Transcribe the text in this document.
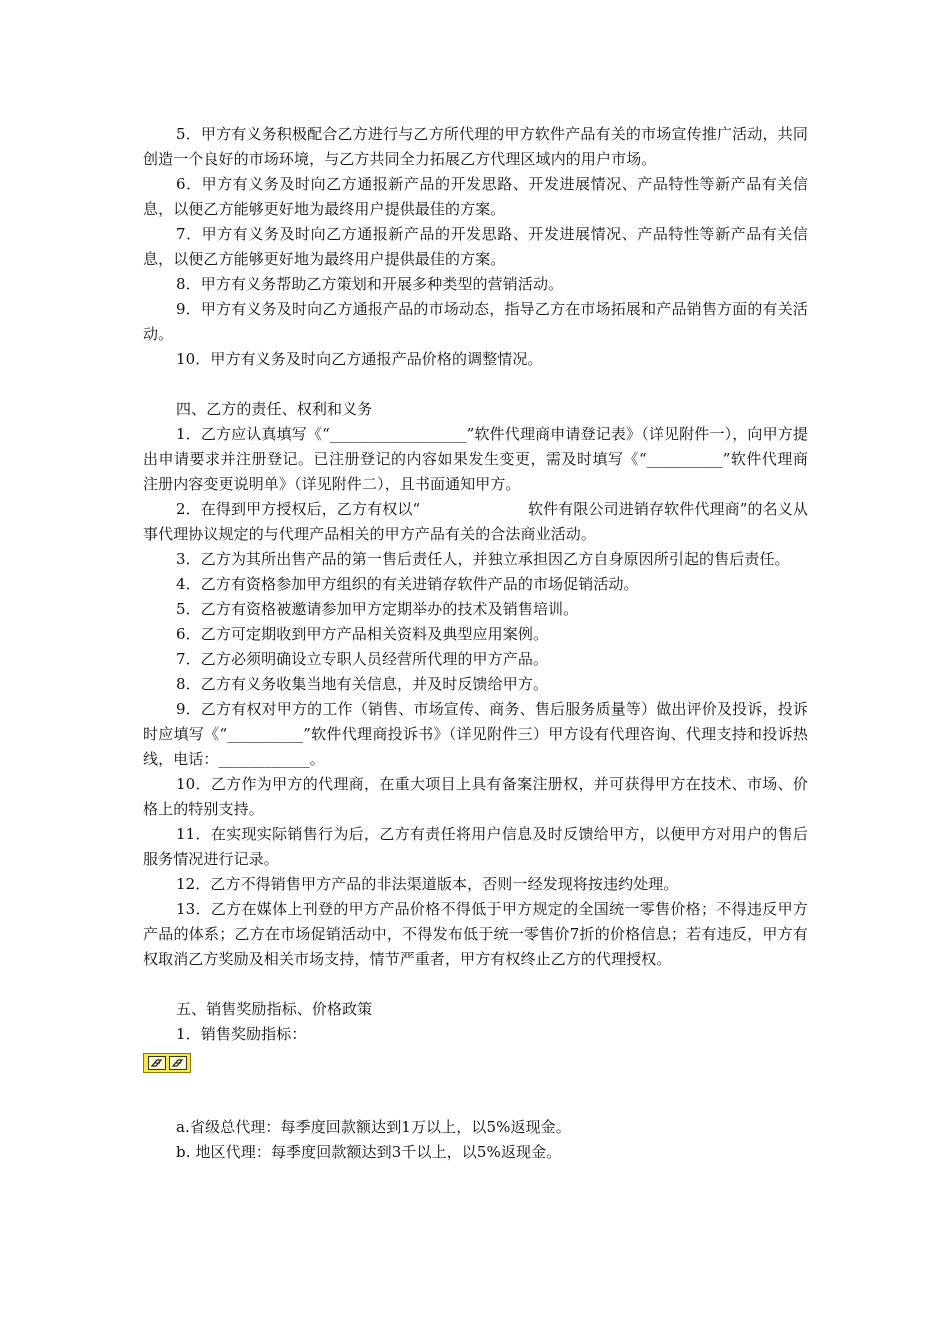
5．甲方有义务积极配合乙方进行与乙方所代理的甲方软件产品有关的市场宣传推广活动，共同创造一个良好的市场环境，与乙方共同全力拓展乙方代理区域内的用户市场。

6．甲方有义务及时向乙方通报新产品的开发思路、开发进展情况、产品特性等新产品有关信息，以便乙方能够更好地为最终用户提供最佳的方案。

7．甲方有义务及时向乙方通报新产品的开发思路、开发进展情况、产品特性等新产品有关信息，以便乙方能够更好地为最终用户提供最佳的方案。

8．甲方有义务帮助乙方策划和开展多种类型的营销活动。

9．甲方有义务及时向乙方通报产品的市场动态，指导乙方在市场拓展和产品销售方面的有关活动。

10．甲方有义务及时向乙方通报产品价格的调整情况。

四、乙方的责任、权利和义务

1．乙方应认真填写《“__________________”软件代理商申请登记表》（详见附件一），向甲方提出申请要求并注册登记。已注册登记的内容如果发生变更，需及时填写《“__________”软件代理商注册内容变更说明单》（详见附件二），且书面通知甲方。

2．在得到甲方授权后，乙方有权以“                      软件有限公司进销存软件代理商”的名义从事代理协议规定的与代理产品相关的甲方产品有关的合法商业活动。

3．乙方为其所出售产品的第一售后责任人，并独立承担因乙方自身原因所引起的售后责任。

4．乙方有资格参加甲方组织的有关进销存软件产品的市场促销活动。

5．乙方有资格被邀请参加甲方定期举办的技术及销售培训。

6．乙方可定期收到甲方产品相关资料及典型应用案例。

7．乙方必须明确设立专职人员经营所代理的甲方产品。

8．乙方有义务收集当地有关信息，并及时反馈给甲方。

9．乙方有权对甲方的工作（销售、市场宣传、商务、售后服务质量等）做出评价及投诉，投诉时应填写《“__________”软件代理商投诉书》（详见附件三）甲方设有代理咨询、代理支持和投诉热线，电话：____________。

10．乙方作为甲方的代理商，在重大项目上具有备案注册权，并可获得甲方在技术、市场、价格上的特别支持。

11．在实现实际销售行为后，乙方有责任将用户信息及时反馈给甲方，以便甲方对用户的售后服务情况进行记录。

12．乙方不得销售甲方产品的非法渠道版本，否则一经发现将按违约处理。

13．乙方在媒体上刊登的甲方产品价格不得低于甲方规定的全国统一零售价格；不得违反甲方产品的体系；乙方在市场促销活动中，不得发布低于统一零售价7折的价格信息；若有违反，甲方有权取消乙方奖励及相关市场支持，情节严重者，甲方有权终止乙方的代理授权。

五、销售奖励指标、价格政策

1．销售奖励指标：

a.省级总代理：每季度回款额达到1万以上，以5%返现金。

b. 地区代理：每季度回款额达到3千以上，以5%返现金。
